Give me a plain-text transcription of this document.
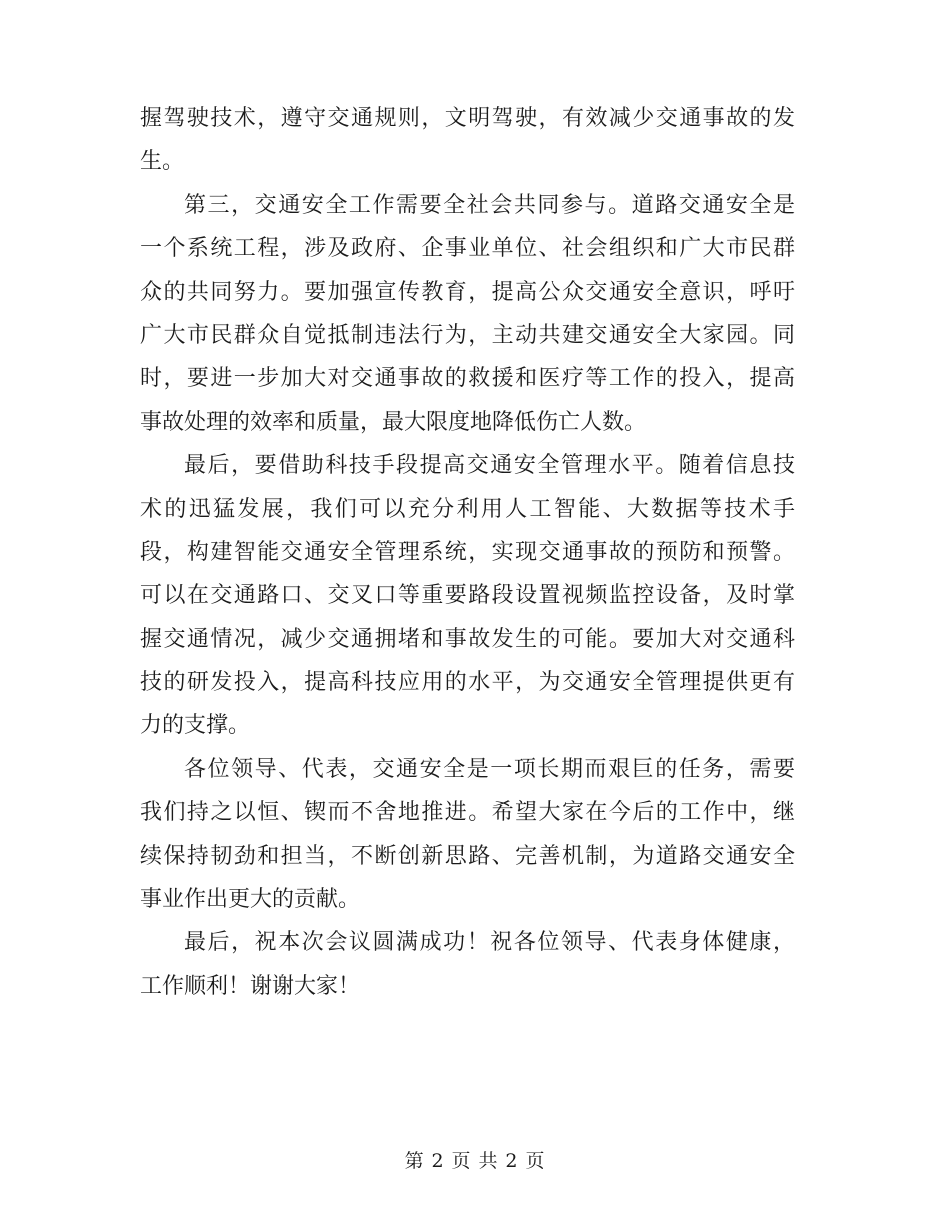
握驾驶技术，遵守交通规则，文明驾驶，有效减少交通事故的发
生。
第三，交通安全工作需要全社会共同参与。道路交通安全是
一个系统工程，涉及政府、企事业单位、社会组织和广大市民群
众的共同努力。要加强宣传教育，提高公众交通安全意识，呼吁
广大市民群众自觉抵制违法行为，主动共建交通安全大家园。同
时，要进一步加大对交通事故的救援和医疗等工作的投入，提高
事故处理的效率和质量，最大限度地降低伤亡人数。
最后，要借助科技手段提高交通安全管理水平。随着信息技
术的迅猛发展，我们可以充分利用人工智能、大数据等技术手
段，构建智能交通安全管理系统，实现交通事故的预防和预警。
可以在交通路口、交叉口等重要路段设置视频监控设备，及时掌
握交通情况，减少交通拥堵和事故发生的可能。要加大对交通科
技的研发投入，提高科技应用的水平，为交通安全管理提供更有
力的支撑。
各位领导、代表，交通安全是一项长期而艰巨的任务，需要
我们持之以恒、锲而不舍地推进。希望大家在今后的工作中，继
续保持韧劲和担当，不断创新思路、完善机制，为道路交通安全
事业作出更大的贡献。
最后，祝本次会议圆满成功！祝各位领导、代表身体健康，
工作顺利！谢谢大家！
第 2 页 共 2 页
